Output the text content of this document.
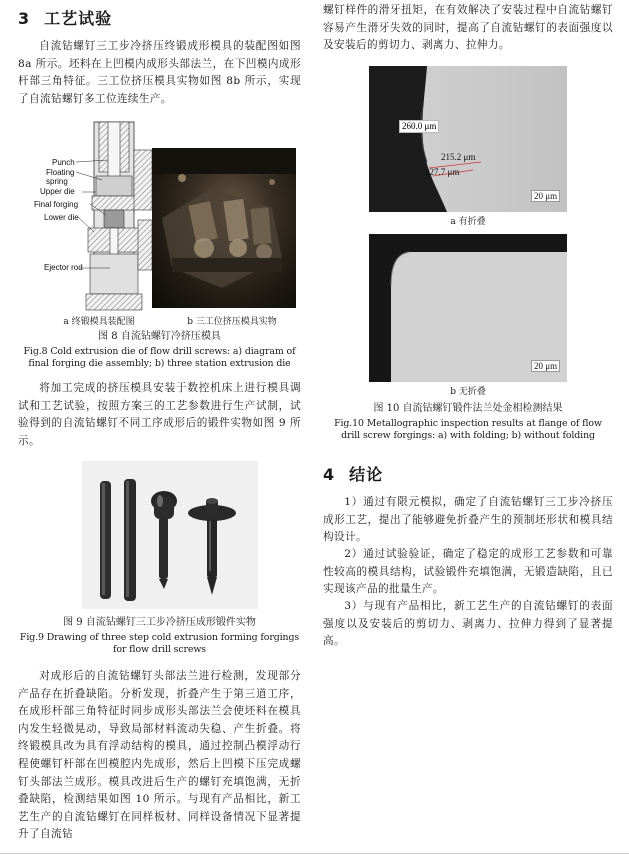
3 工艺试验

自流钻螺钉三工步冷挤压终锻成形模具的装配图如图 8a 所示。坯料在上凹模内成形头部法兰，在下凹模内成形杆部三角特征。三工位挤压模具实物如图 8b 所示，实现了自流钻螺钉多工位连续生产。

Punch
Floating
spring
Upper die
Final forging
Lower die
Ejector rod
a 终锻模具装配图	b 三工位挤压模具实物
图 8 自流钻螺钉冷挤压模具
Fig.8 Cold extrusion die of flow drill screws: a) diagram of
final forging die assembly; b) three station extrusion die

将加工完成的挤压模具安装于数控机床上进行模具调试和工艺试验，按照方案三的工艺参数进行生产试制，试验得到的自流钻螺钉不同工序成形后的锻件实物如图 9 所示。

图 9 自流钻螺钉三工步冷挤压成形锻件实物
Fig.9 Drawing of three step cold extrusion forming forgings
for flow drill screws

对成形后的自流钻螺钉头部法兰进行检测，发现部分产品存在折叠缺陷。分析发现，折叠产生于第三道工序，在成形杆部三角特征时同步成形头部法兰会使坯料在模具内发生轻微晃动，导致局部材料流动失稳、产生折叠。将终锻模具改为具有浮动结构的模具，通过控制凸模浮动行程使螺钉杆部在凹模腔内先成形，然后上凹模下压完成螺钉头部法兰成形。模具改进后生产的螺钉充填饱满，无折叠缺陷，检测结果如图 10 所示。与现有产品相比，新工艺生产的自流钻螺钉在同样板材、同样设备情况下显著提升了自流钻

螺钉样件的滑牙扭矩，在有效解决了安装过程中自流钻螺钉容易产生滑牙失效的同时，提高了自流钻螺钉的表面强度以及安装后的剪切力、剥离力、拉伸力。

260.0 μm
215.2 μm
227.7 μm
20 μm
a 有折叠
20 μm
b 无折叠
图 10 自流钻螺钉锻件法兰处金相检测结果
Fig.10 Metallographic inspection results at flange of flow
drill screw forgings: a) with folding; b) without folding
4 结论

1）通过有限元模拟，确定了自流钻螺钉三工步冷挤压成形工艺，提出了能够避免折叠产生的预制坯形状和模具结构设计。

2）通过试验验证，确定了稳定的成形工艺参数和可靠性较高的模具结构，试验锻件充填饱满，无锻造缺陷，且已实现该产品的批量生产。

3）与现有产品相比，新工艺生产的自流钻螺钉的表面强度以及安装后的剪切力、剥离力、拉伸力得到了显著提高。
